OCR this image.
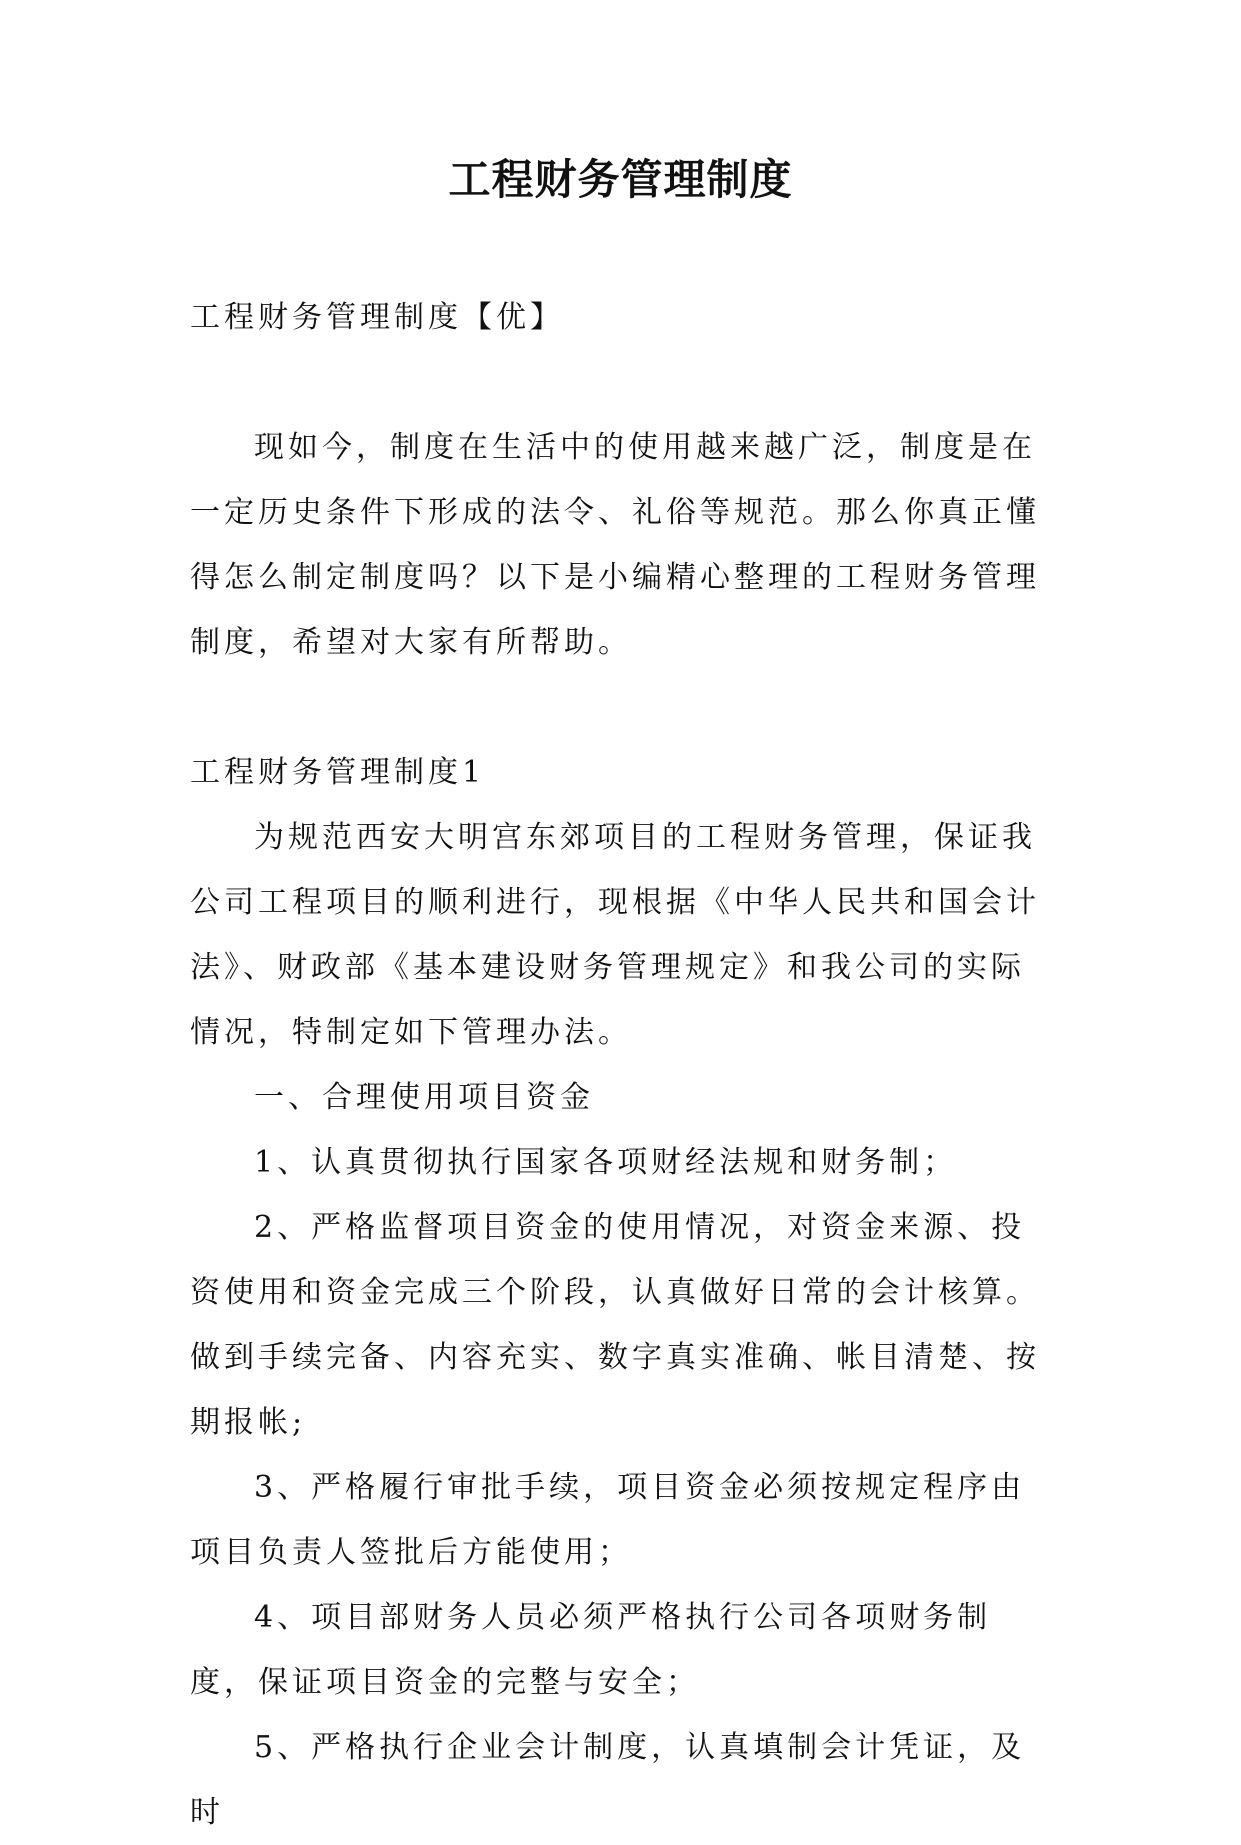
工程财务管理制度

工程财务管理制度【优】

现如今，制度在生活中的使用越来越广泛，制度是在一定历史条件下形成的法令、礼俗等规范。那么你真正懂得怎么制定制度吗？以下是小编精心整理的工程财务管理制度，希望对大家有所帮助。

工程财务管理制度1

为规范西安大明宫东郊项目的工程财务管理，保证我公司工程项目的顺利进行，现根据《中华人民共和国会计法》、财政部《基本建设财务管理规定》和我公司的实际情况，特制定如下管理办法。

一、合理使用项目资金

1、认真贯彻执行国家各项财经法规和财务制；

2、严格监督项目资金的使用情况，对资金来源、投资使用和资金完成三个阶段，认真做好日常的会计核算。做到手续完备、内容充实、数字真实准确、帐目清楚、按期报帐;

3、严格履行审批手续，项目资金必须按规定程序由项目负责人签批后方能使用；

4、项目部财务人员必须严格执行公司各项财务制度，保证项目资金的完整与安全；

5、严格执行企业会计制度，认真填制会计凭证，及时
